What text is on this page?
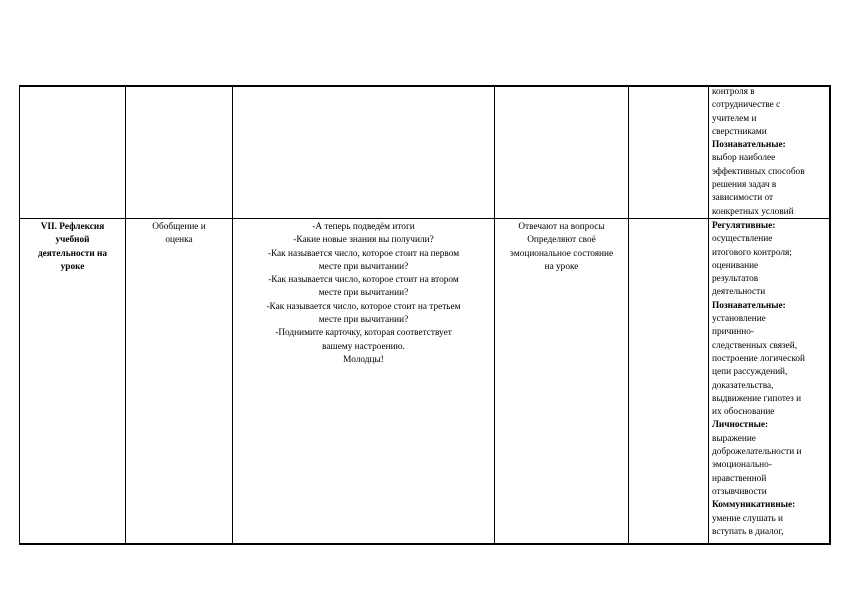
контроля в
сотрудничестве с
учителем и
сверстниками
Познавательные:
выбор наиболее
эффективных способов
решения задач в
зависимости от
конкретных условий
VII. Рефлексия
учебной
деятельности на
уроке
Обобщение и
оценка
-А теперь подведём итоги
-Какие новые знания вы получили?
-Как называется число, которое стоит на первом
месте при вычитании?
-Как называется число, которое стоит на втором
месте при вычитании?
-Как называется число, которое стоит на третьем
месте при вычитании?
-Поднимите карточку, которая соответствует
вашему настроению.
Молодцы!
Отвечают на вопросы
Определяют своё
эмоциональное состояние
на уроке
Регулятивные:
осуществление
итогового контроля;
оценивание
результатов
деятельности
Познавательные:
установление
причинно-
следственных связей,
построение логической
цепи рассуждений,
доказательства,
выдвижение гипотез и
их обоснование
Личностные:
выражение
доброжелательности и
эмоционально-
нравственной
отзывчивости
Коммуникативные:
умение слушать и
вступать в диалог,
